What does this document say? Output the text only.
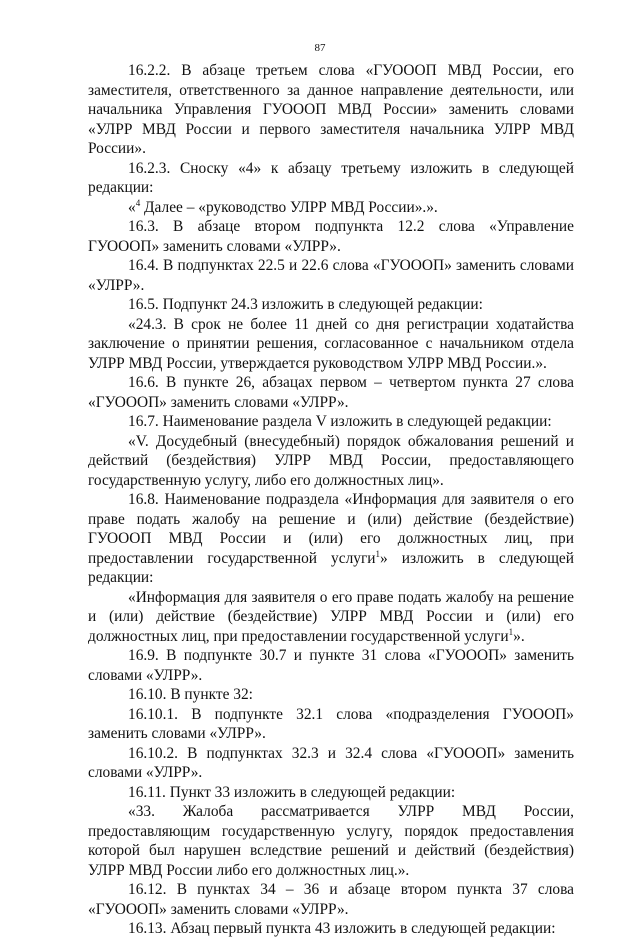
87

16.2.2. В абзаце третьем слова «ГУОООП МВД России, его заместителя, ответственного за данное направление деятельности, или начальника Управления ГУОООП МВД России» заменить словами «УЛРР МВД России и первого заместителя начальника УЛРР МВД России».

16.2.3. Сноску «4» к абзацу третьему изложить в следующей редакции:

«$^4$ Далее – «руководство УЛРР МВД России».».

16.3. В абзаце втором подпункта 12.2 слова «Управление ГУОООП» заменить словами «УЛРР».

16.4. В подпунктах 22.5 и 22.6 слова «ГУОООП» заменить словами «УЛРР».

16.5. Подпункт 24.3 изложить в следующей редакции:

«24.3. В срок не более 11 дней со дня регистрации ходатайства заключение о принятии решения, согласованное с начальником отдела УЛРР МВД России, утверждается руководством УЛРР МВД России.».

16.6. В пункте 26, абзацах первом – четвертом пункта 27 слова «ГУОООП» заменить словами «УЛРР».

16.7. Наименование раздела V изложить в следующей редакции:

«V. Досудебный (внесудебный) порядок обжалования решений и действий (бездействия) УЛРР МВД России, предоставляющего государственную услугу, либо его должностных лиц».

16.8. Наименование подраздела «Информация для заявителя о его праве подать жалобу на решение и (или) действие (бездействие) ГУОООП МВД России и (или) его должностных лиц, при предоставлении государственной услуги$^1$» изложить в следующей редакции:

«Информация для заявителя о его праве подать жалобу на решение и (или) действие (бездействие) УЛРР МВД России и (или) его должностных лиц, при предоставлении государственной услуги$^1$».

16.9. В подпункте 30.7 и пункте 31 слова «ГУОООП» заменить словами «УЛРР».

16.10. В пункте 32:

16.10.1. В подпункте 32.1 слова «подразделения ГУОООП» заменить словами «УЛРР».

16.10.2. В подпунктах 32.3 и 32.4 слова «ГУОООП» заменить словами «УЛРР».

16.11. Пункт 33 изложить в следующей редакции:

«33. Жалоба рассматривается УЛРР МВД России, предоставляющим государственную услугу, порядок предоставления которой был нарушен вследствие решений и действий (бездействия) УЛРР МВД России либо его должностных лиц.».

16.12. В пунктах 34 – 36 и абзаце втором пункта 37 слова «ГУОООП» заменить словами «УЛРР».

16.13. Абзац первый пункта 43 изложить в следующей редакции:
